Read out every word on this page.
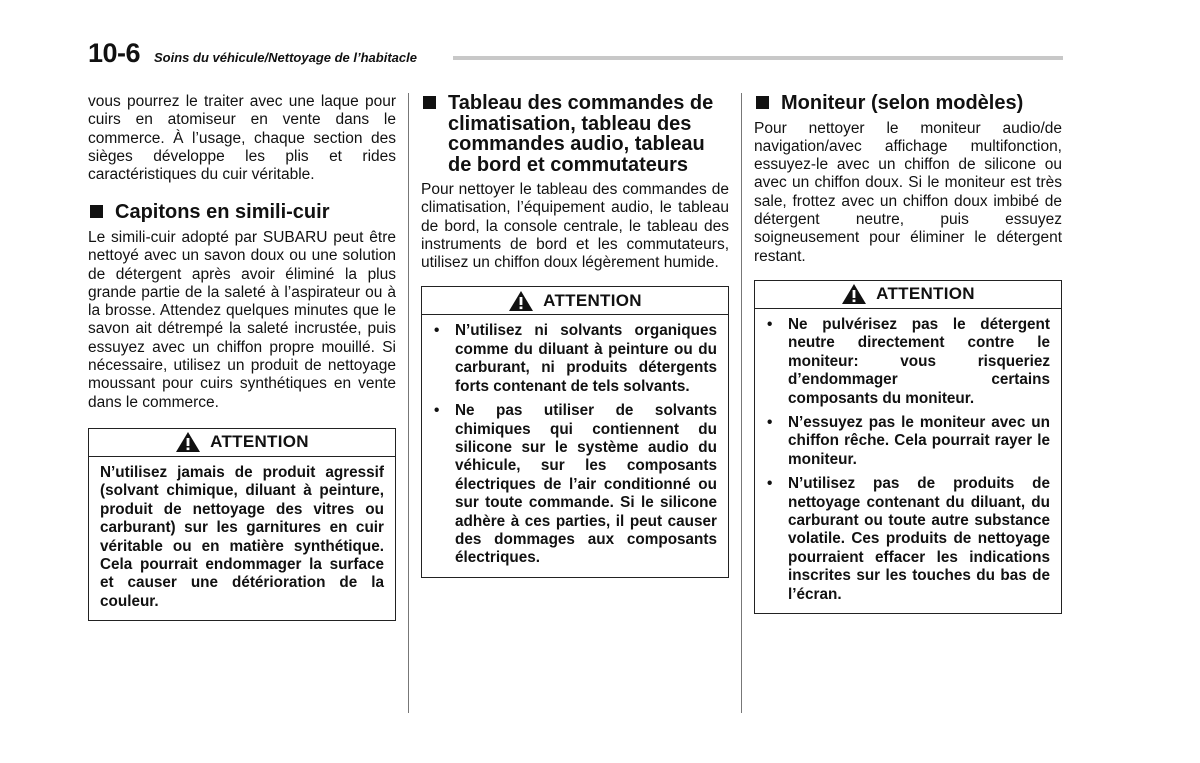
10-6 Soins du véhicule/Nettoyage de l’habitacle

vous pourrez le traiter avec une laque pour cuirs en atomiseur en vente dans le commerce. À l’usage, chaque section des sièges développe les plis et rides caractéristiques du cuir véritable.

Capitons en simili-cuir

Le simili-cuir adopté par SUBARU peut être nettoyé avec un savon doux ou une solution de détergent après avoir éliminé la plus grande partie de la saleté à l’aspirateur ou à la brosse. Attendez quelques minutes que le savon ait détrempé la saleté incrustée, puis essuyez avec un chiffon propre mouillé. Si nécessaire, utilisez un produit de nettoyage moussant pour cuirs synthétiques en vente dans le commerce.

ATTENTION

N’utilisez jamais de produit agressif (solvant chimique, diluant à peinture, produit de nettoyage des vitres ou carburant) sur les garnitures en cuir véritable ou en matière synthétique. Cela pourrait endommager la surface et causer une détérioration de la couleur.

Tableau des commandes de climatisation, tableau des commandes audio, tableau de bord et commutateurs

Pour nettoyer le tableau des commandes de climatisation, l’équipement audio, le tableau de bord, la console centrale, le tableau des instruments de bord et les commutateurs, utilisez un chiffon doux légèrement humide.

ATTENTION
• N’utilisez ni solvants organiques comme du diluant à peinture ou du carburant, ni produits détergents forts contenant de tels solvants.
• Ne pas utiliser de solvants chimiques qui contiennent du silicone sur le système audio du véhicule, sur les composants électriques de l’air conditionné ou sur toute commande. Si le silicone adhère à ces parties, il peut causer des dommages aux composants électriques.
Moniteur (selon modèles)

Pour nettoyer le moniteur audio/de navigation/avec affichage multifonction, essuyez-le avec un chiffon de silicone ou avec un chiffon doux. Si le moniteur est très sale, frottez avec un chiffon doux imbibé de détergent neutre, puis essuyez soigneusement pour éliminer le détergent restant.

ATTENTION
• Ne pulvérisez pas le détergent neutre directement contre le moniteur: vous risqueriez d’endommager certains composants du moniteur.
• N’essuyez pas le moniteur avec un chiffon rêche. Cela pourrait rayer le moniteur.
• N’utilisez pas de produits de nettoyage contenant du diluant, du carburant ou toute autre substance volatile. Ces produits de nettoyage pourraient effacer les indications inscrites sur les touches du bas de l’écran.
